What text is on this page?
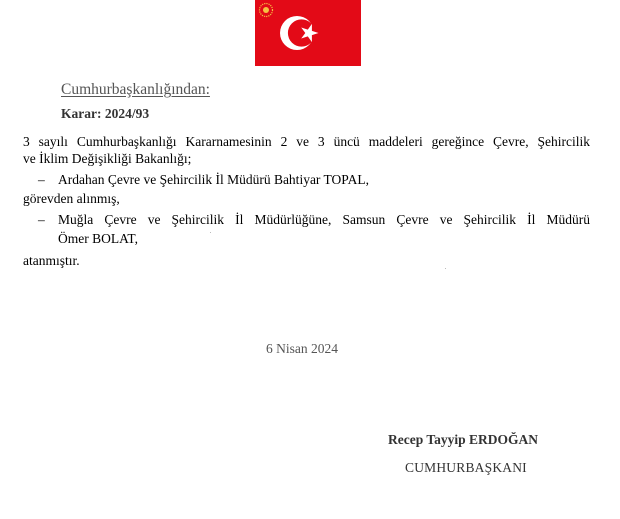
Cumhurbaşkanlığından:
Karar: 2024/93
3 sayılı Cumhurbaşkanlığı Kararnamesinin 2 ve 3 üncü maddeleri gereğince Çevre, Şehircilik
ve İklim Değişikliği Bakanlığı;
– Ardahan Çevre ve Şehircilik İl Müdürü Bahtiyar TOPAL,
görevden alınmış,
– Muğla Çevre ve Şehircilik İl Müdürlüğüne, Samsun Çevre ve Şehircilik İl Müdürü
Ömer BOLAT,
atanmıştır.
6 Nisan 2024
Recep Tayyip ERDOĞAN
CUMHURBAŞKANI
